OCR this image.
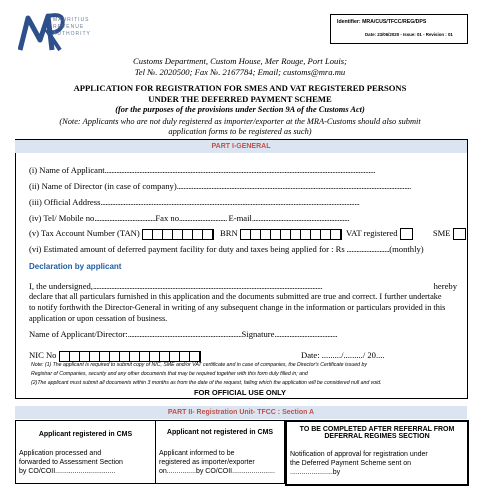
MAURITIUS
REVENUE
AUTHORITY
Identifier: MRA/CUS/TFCC/REG/DPS
Date: 23/06/2020 - Issue: 01 - Revision : 01
Customs Department, Custom House, Mer Rouge, Port Louis;
Tel №. 2020500; Fax №. 2167784; Email; customs@mra.mu
APPLICATION FOR REGISTRATION FOR SMES AND VAT REGISTERED PERSONS
UNDER THE DEFERRED PAYMENT SCHEME
(for the purposes of the provisions under Section 9A of the Customs Act)
(Note: Applicants who are not duly registered as importer/exporter at the MRA-Customs should also submit
application forms to be registered as such)
PART I-GENERAL
(i) Name of Applicant....................................................................................................................................................................
(ii) Name of Director (in case of company)..............................................................................................................................................
(iii) Official Address.............................................................................................................................................................
(iv) Tel/ Mobile no.....................................Fax no............................. E-mail...........................................................
(v) Tax Account Number (TAN)	BRN	VAT registered	SME
(vi) Estimated amount of deferred payment facility for duty and taxes being applied for : Rs ..........................(monthly)
Declaration by applicant
I, the undersigned,...........................................................................................................................................	hereby
declare that all particulars furnished in this application and the documents submitted are true and correct. I further undertake
to notify forthwith the Director-General in writing of any subsequent change in the information or particulars provided in this
application or upon cessation of business.
Name of Applicant/Director:.....................................................................Signature......................................
NIC No	Date: ........./........./ 20....
Note: (1) The applicant is required to submit copy of NIC, SME and/or VAT certificate and in case of companies, the Director's Certificate issued by
Registrar of Companies, security and any other documents that may be required together with this form duly filled in; and
(2)The applicant must submit all documents within 3 months as from the date of the request, failing which the application will be considered null and void.
FOR OFFICIAL USE ONLY
PART II- Registration Unit- TFCC : Section A
Applicant registered in CMS
Application processed and
forwarded to Assessment Section
by CO/COII...............................
Applicant not registered in CMS
Applicant informed to be
registered as importer/exporter
on...............by CO/COII......................
TO BE COMPLETED AFTER REFERRAL FROM
DEFERRAL REGIMES SECTION
Notification of approval for registration under
the Deferred Payment Scheme sent on
......................by
